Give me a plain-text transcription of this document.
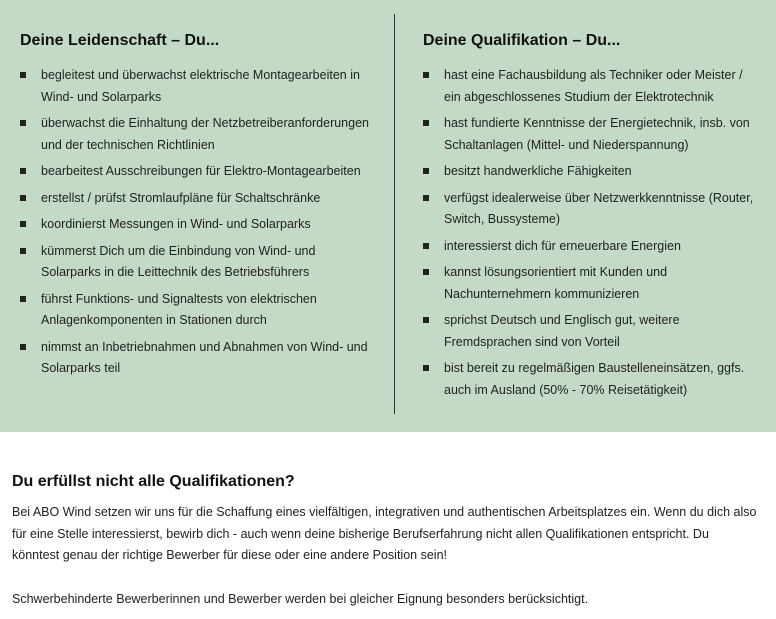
Deine Leidenschaft – Du...
begleitest und überwachst elektrische Montagearbeiten in Wind- und Solarparks
überwachst die Einhaltung der Netzbetreiberanforderungen und der technischen Richtlinien
bearbeitest Ausschreibungen für Elektro-Montagearbeiten
erstellst / prüfst Stromlaufpläne für Schaltschränke
koordinierst Messungen in Wind- und Solarparks
kümmerst Dich um die Einbindung von Wind- und Solarparks in die Leittechnik des Betriebsführers
führst Funktions- und Signaltests von elektrischen Anlagenkomponenten in Stationen durch
nimmst an Inbetriebnahmen und Abnahmen von Wind- und Solarparks teil
Deine Qualifikation – Du...
hast eine Fachausbildung als Techniker oder Meister / ein abgeschlossenes Studium der Elektrotechnik
hast fundierte Kenntnisse der Energietechnik, insb. von Schaltanlagen (Mittel- und Niederspannung)
besitzt handwerkliche Fähigkeiten
verfügst idealerweise über Netzwerkkenntnisse (Router, Switch, Bussysteme)
interessierst dich für erneuerbare Energien
kannst lösungsorientiert mit Kunden und Nachunternehmern kommunizieren
sprichst Deutsch und Englisch gut, weitere Fremdsprachen sind von Vorteil
bist bereit zu regelmäßigen Baustelleneinsätzen, ggfs. auch im Ausland (50% - 70% Reisetätigkeit)
Du erfüllst nicht alle Qualifikationen?

Bei ABO Wind setzen wir uns für die Schaffung eines vielfältigen, integrativen und authentischen Arbeitsplatzes ein. Wenn du dich also für eine Stelle interessierst, bewirb dich - auch wenn deine bisherige Berufserfahrung nicht allen Qualifikationen entspricht. Du könntest genau der richtige Bewerber für diese oder eine andere Position sein!

Schwerbehinderte Bewerberinnen und Bewerber werden bei gleicher Eignung besonders berücksichtigt.
